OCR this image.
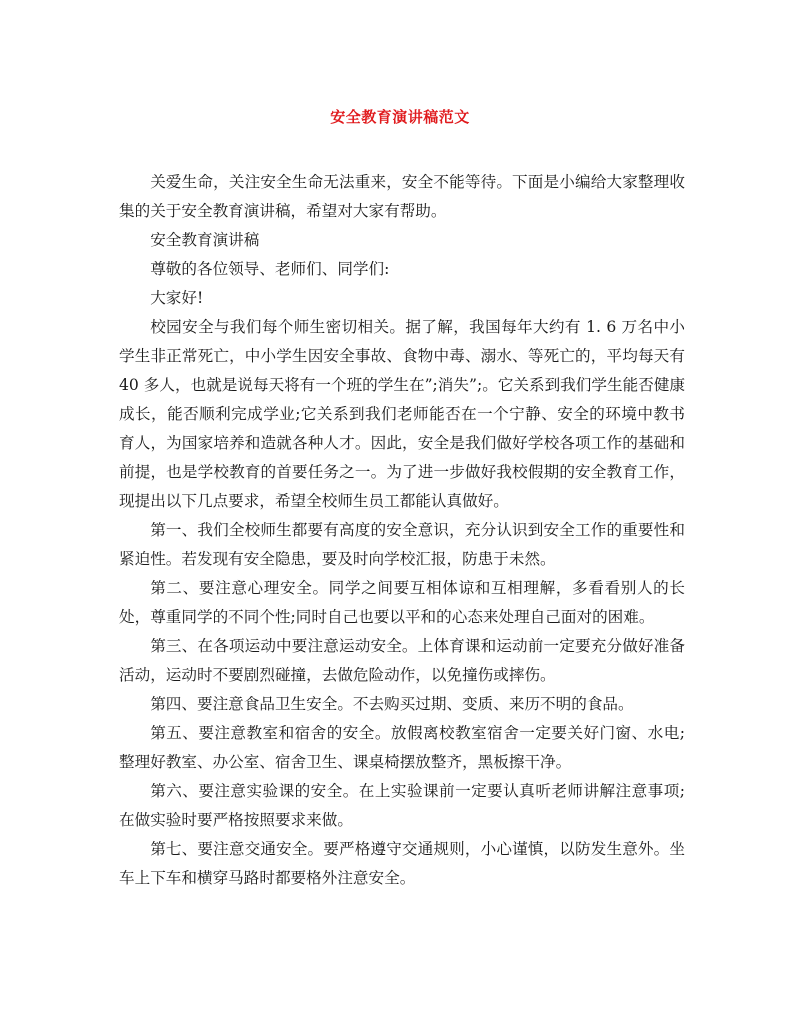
安全教育演讲稿范文

关爱生命，关注安全生命无法重来，安全不能等待。下面是小编给大家整理收集的关于安全教育演讲稿，希望对大家有帮助。

安全教育演讲稿

尊敬的各位领导、老师们、同学们:

大家好!

校园安全与我们每个师生密切相关。据了解，我国每年大约有 1. 6 万名中小学生非正常死亡，中小学生因安全事故、食物中毒、溺水、等死亡的，平均每天有 40 多人，也就是说每天将有一个班的学生在”;消失”;。它关系到我们学生能否健康成长，能否顺利完成学业;它关系到我们老师能否在一个宁静、安全的环境中教书育人，为国家培养和造就各种人才。因此，安全是我们做好学校各项工作的基础和前提，也是学校教育的首要任务之一。为了进一步做好我校假期的安全教育工作，现提出以下几点要求，希望全校师生员工都能认真做好。

第一、我们全校师生都要有高度的安全意识，充分认识到安全工作的重要性和紧迫性。若发现有安全隐患，要及时向学校汇报，防患于未然。

第二、要注意心理安全。同学之间要互相体谅和互相理解，多看看别人的长处，尊重同学的不同个性;同时自己也要以平和的心态来处理自己面对的困难。

第三、在各项运动中要注意运动安全。上体育课和运动前一定要充分做好准备活动，运动时不要剧烈碰撞，去做危险动作，以免撞伤或摔伤。

第四、要注意食品卫生安全。不去购买过期、变质、来历不明的食品。

第五、要注意教室和宿舍的安全。放假离校教室宿舍一定要关好门窗、水电;整理好教室、办公室、宿舍卫生、课桌椅摆放整齐，黑板擦干净。

第六、要注意实验课的安全。在上实验课前一定要认真听老师讲解注意事项;在做实验时要严格按照要求来做。

第七、要注意交通安全。要严格遵守交通规则，小心谨慎，以防发生意外。坐车上下车和横穿马路时都要格外注意安全。
